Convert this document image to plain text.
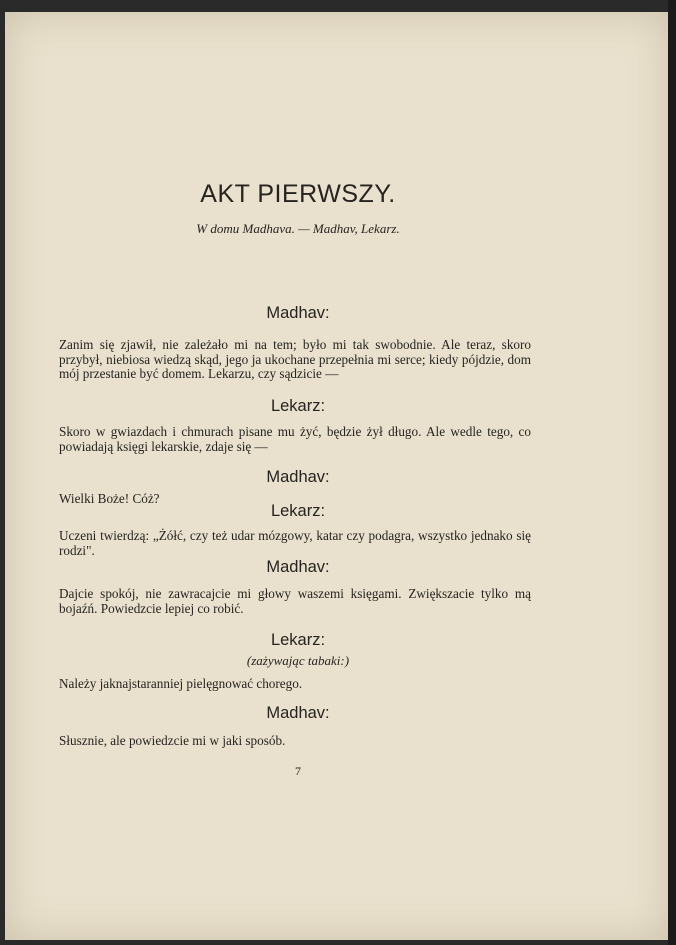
AKT PIERWSZY.

W domu Madhava. — Madhav, Lekarz.

Madhav:

Zanim się zjawił, nie zależało mi na tem; było mi tak swobodnie. Ale teraz, skoro przybył, niebiosa wiedzą skąd, jego ja ukochane przepełnia mi serce; kiedy pójdzie, dom mój przestanie być domem. Lekarzu, czy sądzicie —

Lekarz:

Skoro w gwiazdach i chmurach pisane mu żyć, będzie żył długo. Ale wedle tego, co powiadają księgi lekarskie, zdaje się —

Madhav:

Wielki Boże! Cóż?

Lekarz:

Uczeni twierdzą: „Żółć, czy też udar mózgowy, katar czy podagra, wszystko jednako się rodzi".

Madhav:

Dajcie spokój, nie zawracajcie mi głowy waszemi księgami. Zwiększacie tylko mą bojaźń. Powiedzcie lepiej co robić.

Lekarz:

(zażywając tabaki:)

Należy jaknajstaranniej pielęgnować chorego.

Madhav:

Słusznie, ale powiedzcie mi w jaki sposób.

7
